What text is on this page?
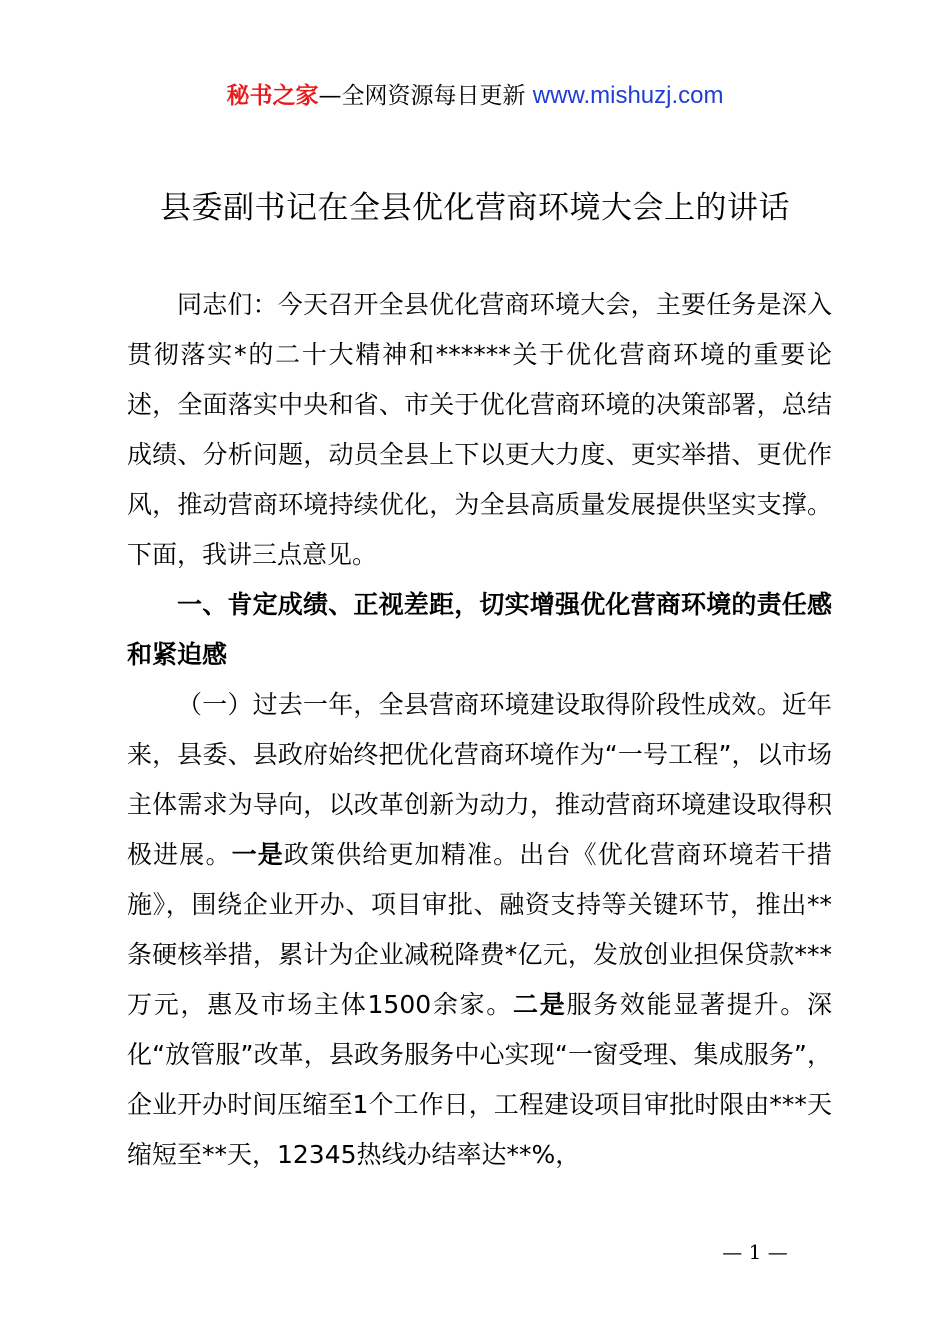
秘书之家—全网资源每日更新 www.mishuzj.com
县委副书记在全县优化营商环境大会上的讲话

同志们：今天召开全县优化营商环境大会，主要任务是深入贯彻落实*的二十大精神和******关于优化营商环境的重要论述，全面落实中央和省、市关于优化营商环境的决策部署，总结成绩、分析问题，动员全县上下以更大力度、更实举措、更优作风，推动营商环境持续优化，为全县高质量发展提供坚实支撑。下面，我讲三点意见。

一、肯定成绩、正视差距，切实增强优化营商环境的责任感和紧迫感

（一）过去一年，全县营商环境建设取得阶段性成效。近年来，县委、县政府始终把优化营商环境作为“一号工程”，以市场主体需求为导向，以改革创新为动力，推动营商环境建设取得积极进展。一是政策供给更加精准。出台《优化营商环境若干措施》，围绕企业开办、项目审批、融资支持等关键环节，推出**条硬核举措，累计为企业减税降费*亿元，发放创业担保贷款***万元，惠及市场主体1500余家。二是服务效能显著提升。深化“放管服”改革，县政务服务中心实现“一窗受理、集成服务”，企业开办时间压缩至1个工作日，工程建设项目审批时限由***天缩短至**天，12345热线办结率达**%，

— 1 —
